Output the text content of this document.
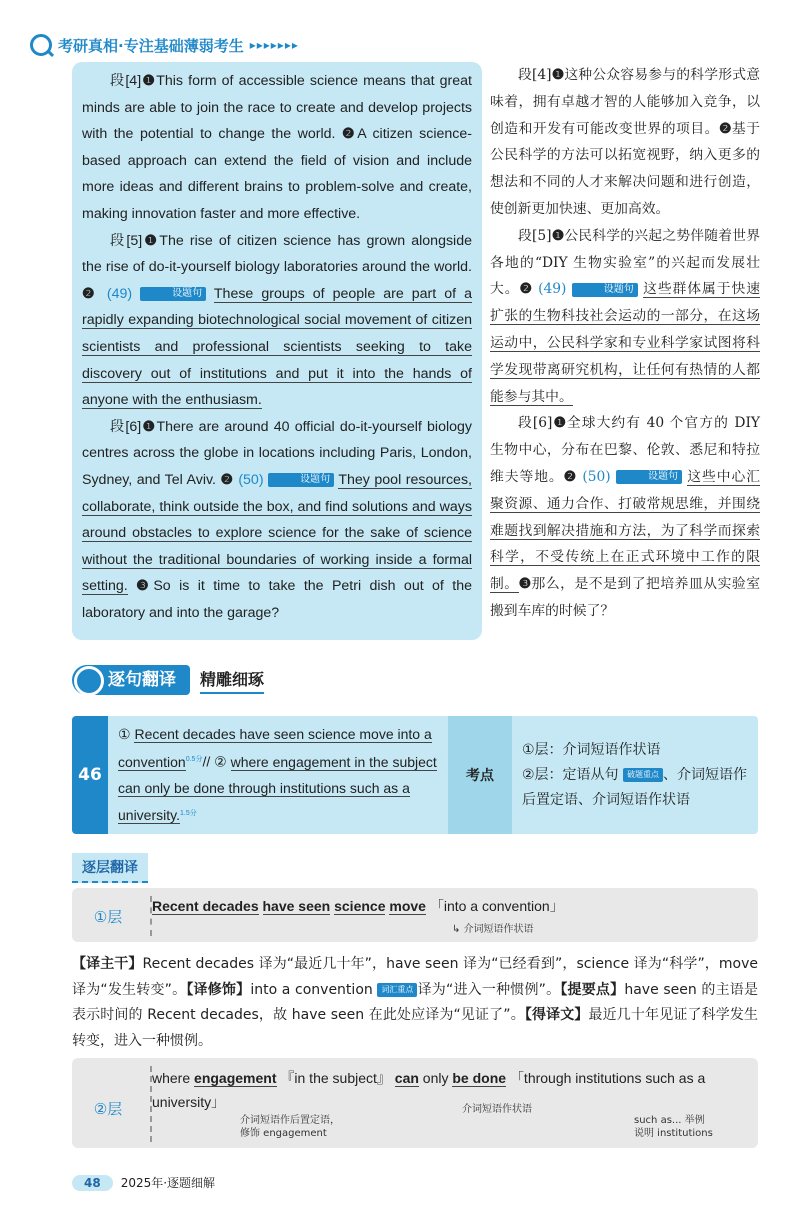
考研真相·专注基础薄弱考生 ▸▸▸▸▸▸▸

段[4]❶This form of accessible science means that great minds are able to join the race to create and develop projects with the potential to change the world. ❷A citizen science-based approach can extend the field of vision and include more ideas and different brains to problem-solve and create, making innovation faster and more effective.

段[5]❶The rise of citizen science has grown alongside the rise of do-it-yourself biology laboratories around the world. ❷ (49)	设题句 These groups of people are part of a rapidly expanding biotechnological social movement of citizen scientists and professional scientists seeking to take discovery out of institutions and put it into the hands of anyone with the enthusiasm.

段[6]❶There are around 40 official do-it-yourself biology centres across the globe in locations including Paris, London, Sydney, and Tel Aviv. ❷ (50)	设题句 They pool resources, collaborate, think outside the box, and find solutions and ways around obstacles to explore science for the sake of science without the traditional boundaries of working inside a formal setting. ❸So is it time to take the Petri dish out of the laboratory and into the garage?

段[4]❶这种公众容易参与的科学形式意味着，拥有卓越才智的人能够加入竞争，以创造和开发有可能改变世界的项目。❷基于公民科学的方法可以拓宽视野，纳入更多的想法和不同的人才来解决问题和进行创造，使创新更加快速、更加高效。

段[5]❶公民科学的兴起之势伴随着世界各地的“DIY 生物实验室”的兴起而发展壮大。❷ (49)	设题句 这些群体属于快速扩张的生物科技社会运动的一部分，在这场运动中，公民科学家和专业科学家试图将科学发现带离研究机构，让任何有热情的人都能参与其中。

段[6]❶全球大约有 40 个官方的 DIY 生物中心，分布在巴黎、伦敦、悉尼和特拉维夫等地。❷ (50)	设题句 这些中心汇聚资源、通力合作、打破常规思维，并围绕难题找到解决措施和方法，为了科学而探索科学，不受传统上在正式环境中工作的限制。❸那么，是不是到了把培养皿从实验室搬到车库的时候了？

逐句翻译	精雕细琢
46

① Recent decades have seen science move into a convention$^{0.5分}$// ② where engagement in the subject can only be done through institutions such as a university.$^{1.5分}$

考点
①层：介词短语作状语
②层：定语从句 破题重点 、介词短语作后置定语、介词短语作状语
逐层翻译
①层
Recent decades have seen science move 「into a convention」
↳ 介词短语作状语
【译主干】Recent decades 译为“最近几十年”，have seen 译为“已经看到”，science 译为“科学”，move 译为“发生转变”。【译修饰】into a convention 词汇重点 译为“进入一种惯例”。【提要点】have seen 的主语是表示时间的 Recent decades，故 have seen 在此处应译为“见证了”。【得译文】最近几十年见证了科学发生转变，进入一种惯例。
②层
where engagement 『in the subject』 can only be done 「through institutions such as a university」
介词短语作后置定语，
修饰 engagement
介词短语作状语
such as... 举例
说明 institutions
48	2025年·逐题细解
